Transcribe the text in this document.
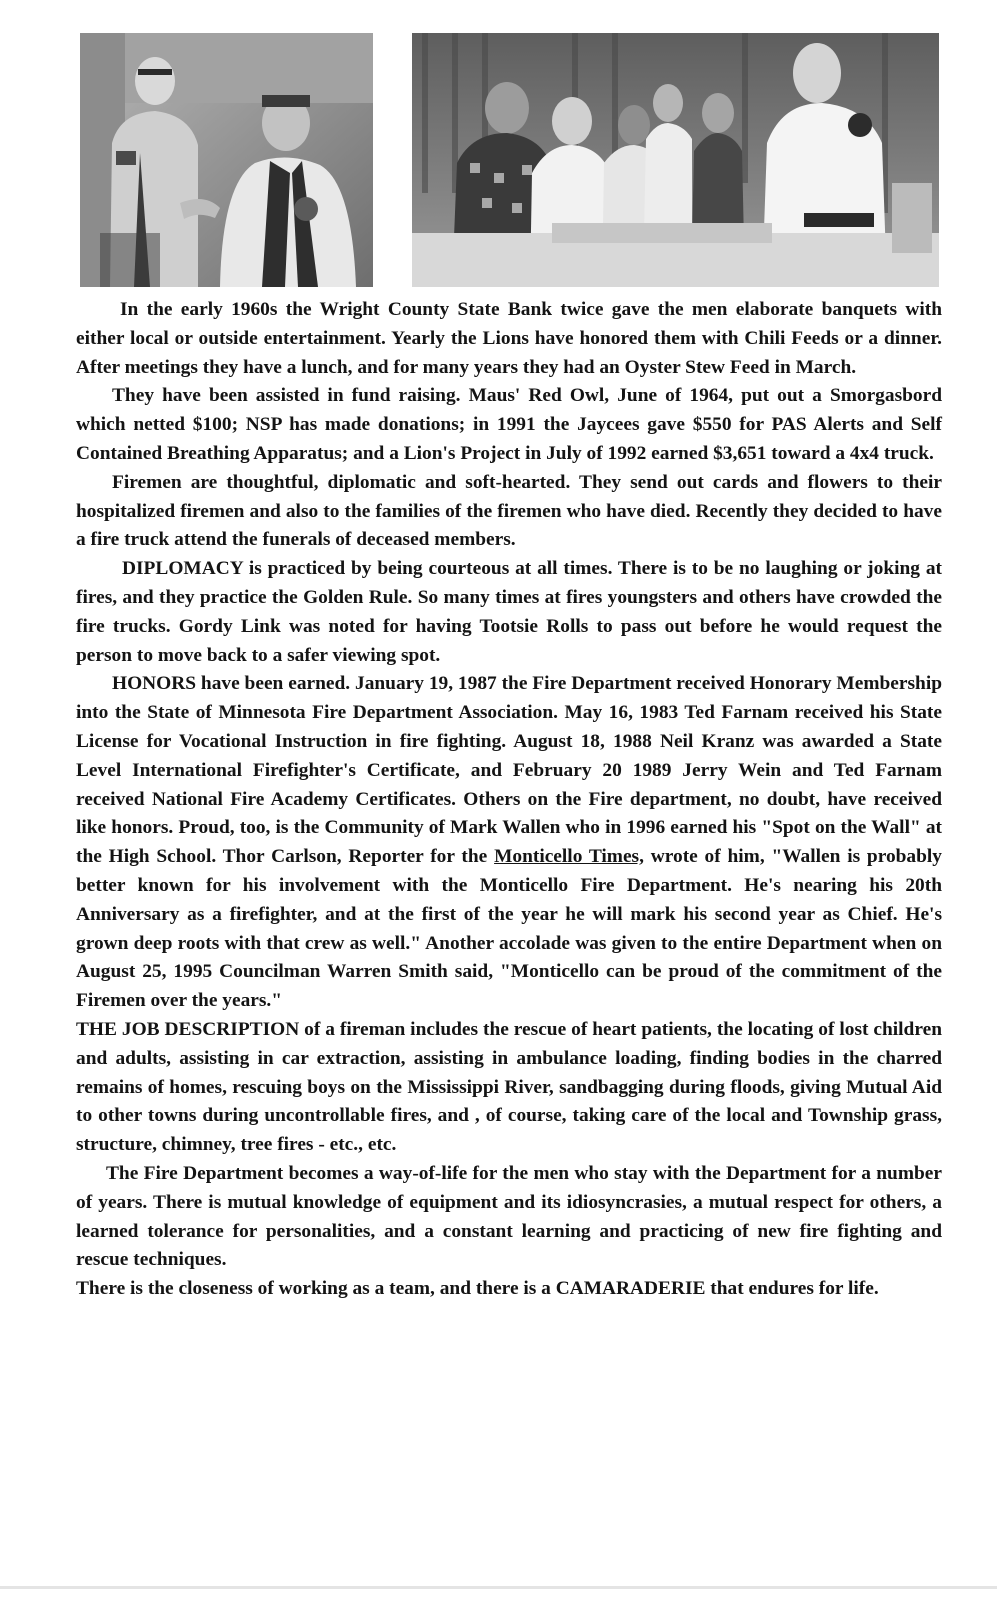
In the early 1960s the Wright County State Bank twice gave the men elaborate banquets with either local or outside entertainment. Yearly the Lions have honored them with Chili Feeds or a dinner. After meetings they have a lunch, and for many years they had an Oyster Stew Feed in March.

They have been assisted in fund raising. Maus' Red Owl, June of 1964, put out a Smorgasbord which netted $100; NSP has made donations; in 1991 the Jaycees gave $550 for PAS Alerts and Self Contained Breathing Apparatus; and a Lion's Project in July of 1992 earned $3,651 toward a 4x4 truck.

Firemen are thoughtful, diplomatic and soft-hearted. They send out cards and flowers to their hospitalized firemen and also to the families of the firemen who have died. Recently they decided to have a fire truck attend the funerals of deceased members.

DIPLOMACY is practiced by being courteous at all times. There is to be no laughing or joking at fires, and they practice the Golden Rule. So many times at fires youngsters and others have crowded the fire trucks. Gordy Link was noted for having Tootsie Rolls to pass out before he would request the person to move back to a safer viewing spot.

HONORS have been earned. January 19, 1987 the Fire Department received Honorary Membership into the State of Minnesota Fire Department Association. May 16, 1983 Ted Farnam received his State License for Vocational Instruction in fire fighting. August 18, 1988 Neil Kranz was awarded a State Level International Firefighter's Certificate, and February 20 1989 Jerry Wein and Ted Farnam received National Fire Academy Certificates. Others on the Fire department, no doubt, have received like honors. Proud, too, is the Community of Mark Wallen who in 1996 earned his "Spot on the Wall" at the High School. Thor Carlson, Reporter for the Monticello Times, wrote of him, "Wallen is probably better known for his involvement with the Monticello Fire Department. He's nearing his 20th Anniversary as a firefighter, and at the first of the year he will mark his second year as Chief. He's grown deep roots with that crew as well." Another accolade was given to the entire Department when on August 25, 1995 Councilman Warren Smith said, "Monticello can be proud of the commitment of the Firemen over the years."

THE JOB DESCRIPTION of a fireman includes the rescue of heart patients, the locating of lost children and adults, assisting in car extraction, assisting in ambulance loading, finding bodies in the charred remains of homes, rescuing boys on the Mississippi River, sandbagging during floods, giving Mutual Aid to other towns during uncontrollable fires, and , of course, taking care of the local and Township grass, structure, chimney, tree fires - etc., etc.

The Fire Department becomes a way-of-life for the men who stay with the Department for a number of years. There is mutual knowledge of equipment and its idiosyncrasies, a mutual respect for others, a learned tolerance for personalities, and a constant learning and practicing of new fire fighting and rescue techniques.

There is the closeness of working as a team, and there is a CAMARADERIE that endures for life.
